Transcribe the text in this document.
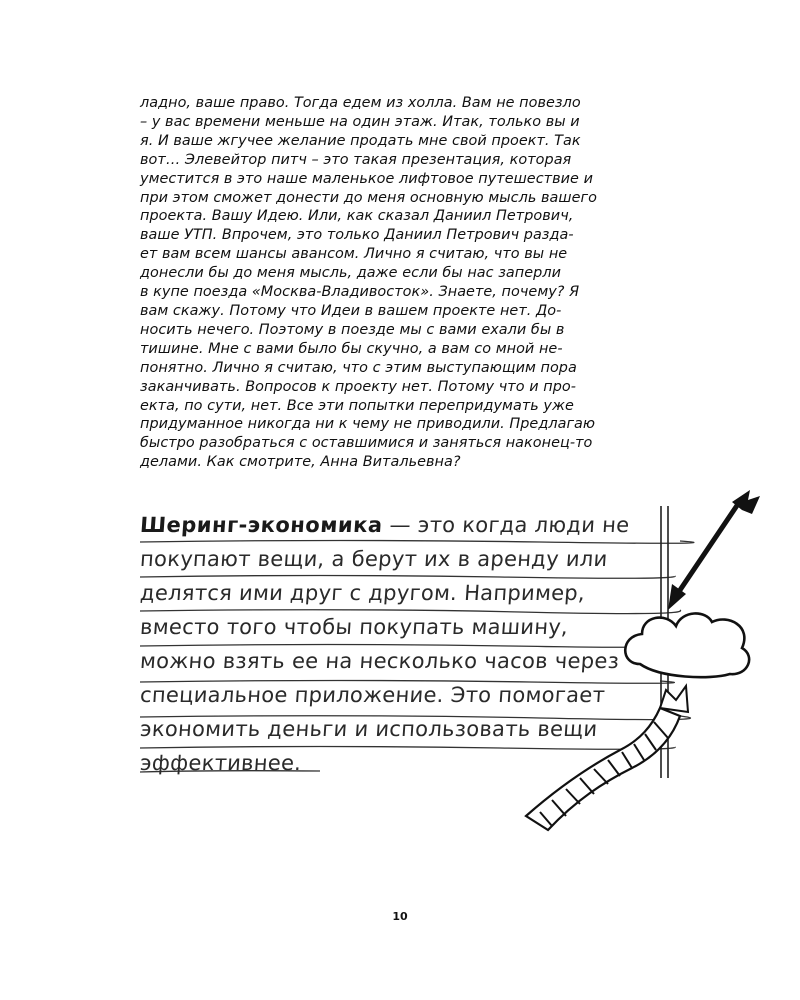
ладно, ваше право. Тогда едем из холла. Вам не повезло
– у вас времени меньше на один этаж. Итак, только вы и
я. И ваше жгучее желание продать мне свой проект. Так
вот… Элевейтор питч – это такая презентация, которая
уместится в это наше маленькое лифтовое путешествие и
при этом сможет донести до меня основную мысль вашего
проекта. Вашу Идею. Или, как сказал Даниил Петрович,
ваше УТП. Впрочем, это только Даниил Петрович разда-
ет вам всем шансы авансом. Лично я считаю, что вы не
донесли бы до меня мысль, даже если бы нас заперли
в купе поезда «Москва-Владивосток». Знаете, почему? Я
вам скажу. Потому что Идеи в вашем проекте нет. До-
носить нечего. Поэтому в поезде мы с вами ехали бы в
тишине. Мне с вами было бы скучно, а вам со мной не-
понятно. Лично я считаю, что с этим выступающим пора
заканчивать. Вопросов к проекту нет. Потому что и про-
екта, по сути, нет. Все эти попытки перепридумать уже
придуманное никогда ни к чему не приводили. Предлагаю
быстро разобраться с оставшимися и заняться наконец-то
делами. Как смотрите, Анна Витальевна?
Шеринг-экономика — это когда люди не
покупают вещи, а берут их в аренду или
делятся ими друг с другом. Например,
вместо того чтобы покупать машину,
можно взять ее на несколько часов через
специальное приложение. Это помогает
экономить деньги и использовать вещи
эффективнее.
10
